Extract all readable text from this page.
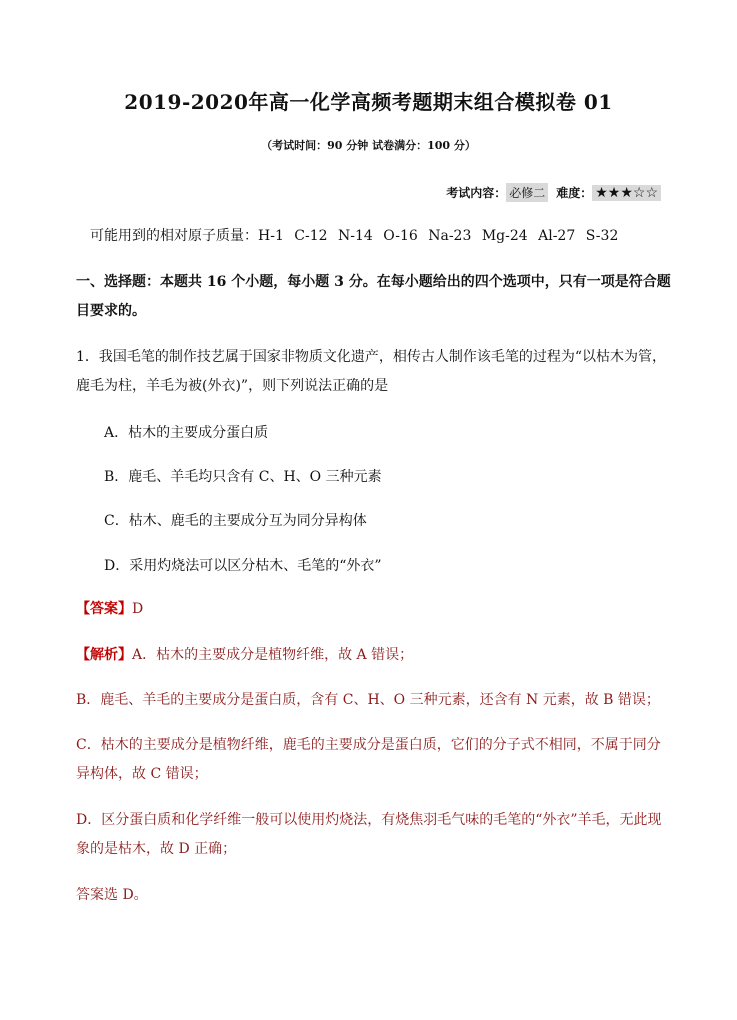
2019-2020年高一化学高频考题期末组合模拟卷 01
（考试时间：90 分钟 试卷满分：100 分）
考试内容： 必修二 难度： ★★★☆☆
可能用到的相对原子质量：H-1 C-12 N-14 O-16 Na-23 Mg-24 Al-27 S-32
一、选择题：本题共 16 个小题，每小题 3 分。在每小题给出的四个选项中，只有一项是符合题
目要求的。
1．我国毛笔的制作技艺属于国家非物质文化遗产，相传古人制作该毛笔的过程为“以枯木为管，
鹿毛为柱，羊毛为被(外衣)”，则下列说法正确的是
A．枯木的主要成分蛋白质
B．鹿毛、羊毛均只含有 C、H、O 三种元素
C．枯木、鹿毛的主要成分互为同分异构体
D．采用灼烧法可以区分枯木、毛笔的“外衣”
【答案】D
【解析】A．枯木的主要成分是植物纤维，故 A 错误；
B．鹿毛、羊毛的主要成分是蛋白质，含有 C、H、O 三种元素，还含有 N 元素，故 B 错误；
C．枯木的主要成分是植物纤维，鹿毛的主要成分是蛋白质，它们的分子式不相同，不属于同分
异构体，故 C 错误；
D．区分蛋白质和化学纤维一般可以使用灼烧法，有烧焦羽毛气味的毛笔的“外衣”羊毛，无此现
象的是枯木，故 D 正确；
答案选 D。
